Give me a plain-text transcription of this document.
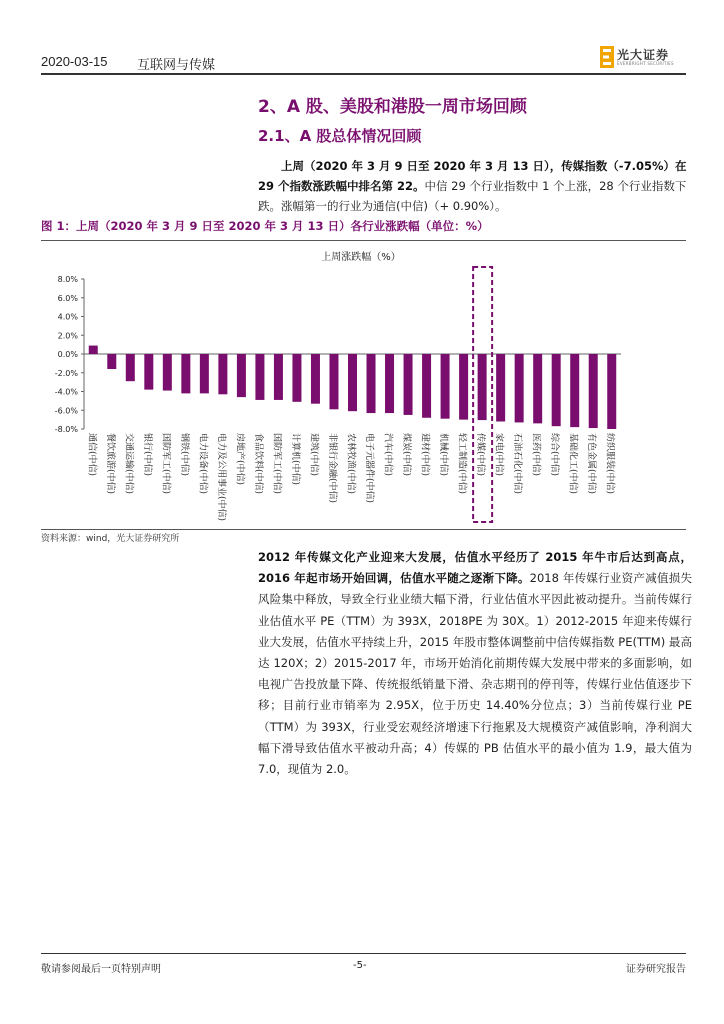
2020-03-15 互联网与传媒
光大证券
EVERBRIGHT SECURITIES
2、A 股、美股和港股一周市场回顾
2.1、A 股总体情况回顾

上周（2020 年 3 月 9 日至 2020 年 3 月 13 日），传媒指数（-7.05%）在 29 个指数涨跌幅中排名第 22。中信 29 个行业指数中 1 个上涨，28 个行业指数下跌。涨幅第一的行业为通信(中信)（+ 0.90%）。

图 1：上周（2020 年 3 月 9 日至 2020 年 3 月 13 日）各行业涨跌幅（单位：%）
上周涨跌幅（%）
8.0%
6.0%
4.0%
2.0%
0.0%
-2.0%
-4.0%
-6.0%
-8.0%
通信(中信) 餐饮旅游(中信) 交通运输(中信) 银行(中信) 国防军工(中信) 钢铁(中信) 电力设备(中信) 电力及公用事业(中信) 房地产(中信) 食品饮料(中信) 国防军工(中信) 计算机(中信) 建筑(中信) 非银行金融(中信) 农林牧渔(中信) 电子元器件(中信) 汽车(中信) 煤炭(中信) 建材(中信) 机械(中信) 轻工制造(中信) 传媒(中信) 家电(中信) 石油石化(中信) 医药(中信) 综合(中信) 基础化工(中信) 有色金属(中信) 纺织服装(中信)
资料来源：wind，光大证券研究所

2012 年传媒文化产业迎来大发展，估值水平经历了 2015 年牛市后达到高点，2016 年起市场开始回调，估值水平随之逐渐下降。2018 年传媒行业资产减值损失风险集中释放，导致全行业业绩大幅下滑，行业估值水平因此被动提升。当前传媒行业估值水平 PE（TTM）为 393X，2018PE 为 30X。1）2012-2015 年迎来传媒行业大发展，估值水平持续上升，2015 年股市整体调整前中信传媒指数 PE(TTM) 最高达 120X；2）2015-2017 年，市场开始消化前期传媒大发展中带来的多面影响，如电视广告投放量下降、传统报纸销量下滑、杂志期刊的停刊等，传媒行业估值逐步下移；目前行业市销率为 2.95X，位于历史 14.40%分位点；3）当前传媒行业 PE（TTM）为 393X，行业受宏观经济增速下行拖累及大规模资产减值影响，净利润大幅下滑导致估值水平被动升高；4）传媒的 PB 估值水平的最小值为 1.9，最大值为 7.0，现值为 2.0。

敬请参阅最后一页特别声明	-5-	证券研究报告
